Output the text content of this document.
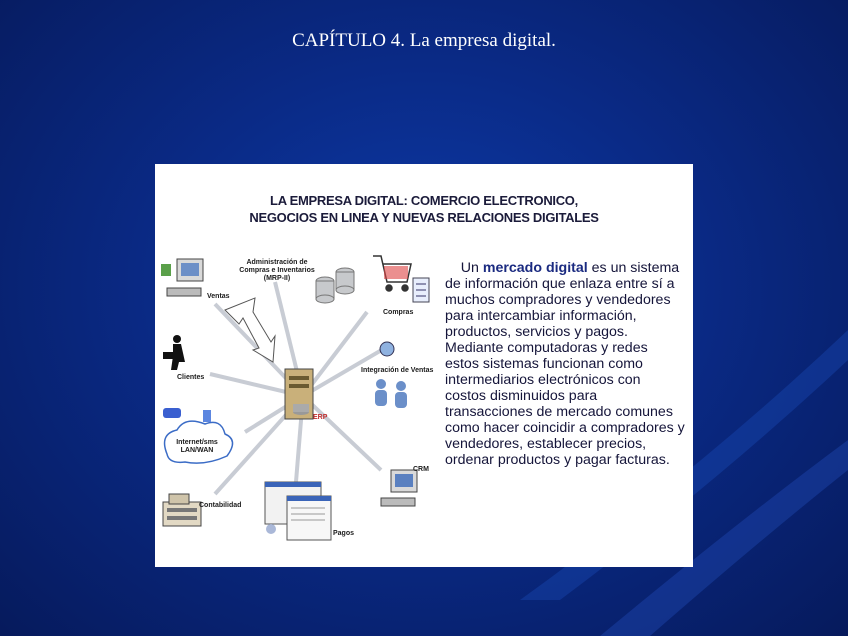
CAPÍTULO 4. La empresa digital.
LA EMPRESA DIGITAL: COMERCIO ELECTRONICO,
NEGOCIOS EN LINEA Y NUEVAS RELACIONES DIGITALES
Ventas
Administración de
Compras e Inventarios
(MRP-II)
Compras
Clientes
Integración de Ventas
ERP
Internet/sms
LAN/WAN
CRM
Contabilidad
Pagos
Un mercado digital es un sistema de información que enlaza entre sí a muchos compradores y vendedores para intercambiar información, productos, servicios y pagos. Mediante computadoras y redes estos sistemas funcionan como intermediarios electrónicos con costos disminuidos para transacciones de mercado comunes como hacer coincidir a compradores y vendedores, establecer precios, ordenar productos y pagar facturas.
